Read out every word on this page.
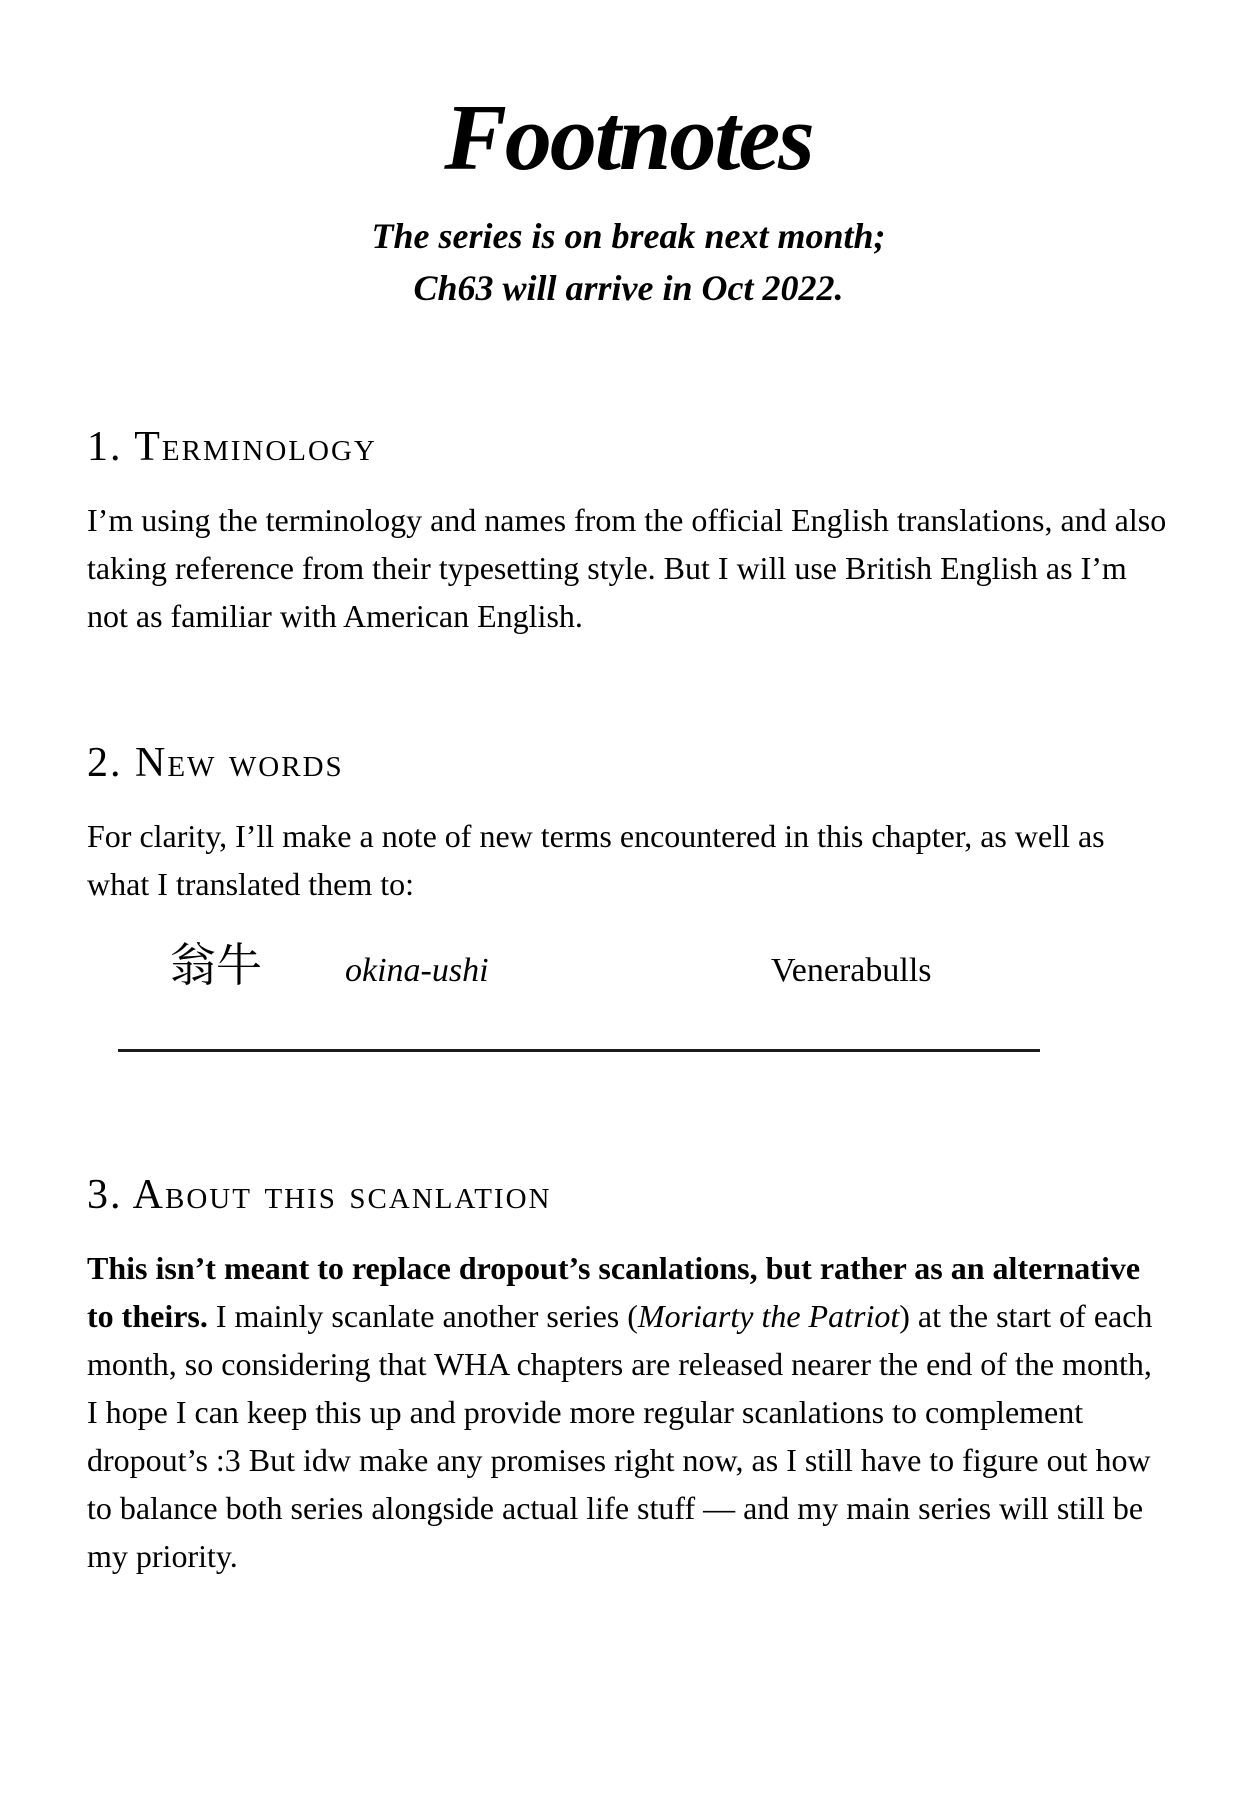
Footnotes
The series is on break next month;
Ch63 will arrive in Oct 2022.
1. Terminology

I’m using the terminology and names from the official English translations, and also taking reference from their typesetting style. But I will use British English as I’m not as familiar with American English.

2. New words

For clarity, I’ll make a note of new terms encountered in this chapter, as well as what I translated them to:

翁牛	okina-ushi	Venerabulls
3. About this scanlation

This isn’t meant to replace dropout’s scanlations, but rather as an alternative to theirs. I mainly scanlate another series (Moriarty the Patriot) at the start of each month, so considering that WHA chapters are released nearer the end of the month, I hope I can keep this up and provide more regular scanlations to complement dropout’s :3 But idw make any promises right now, as I still have to figure out how to balance both series alongside actual life stuff — and my main series will still be my priority.
